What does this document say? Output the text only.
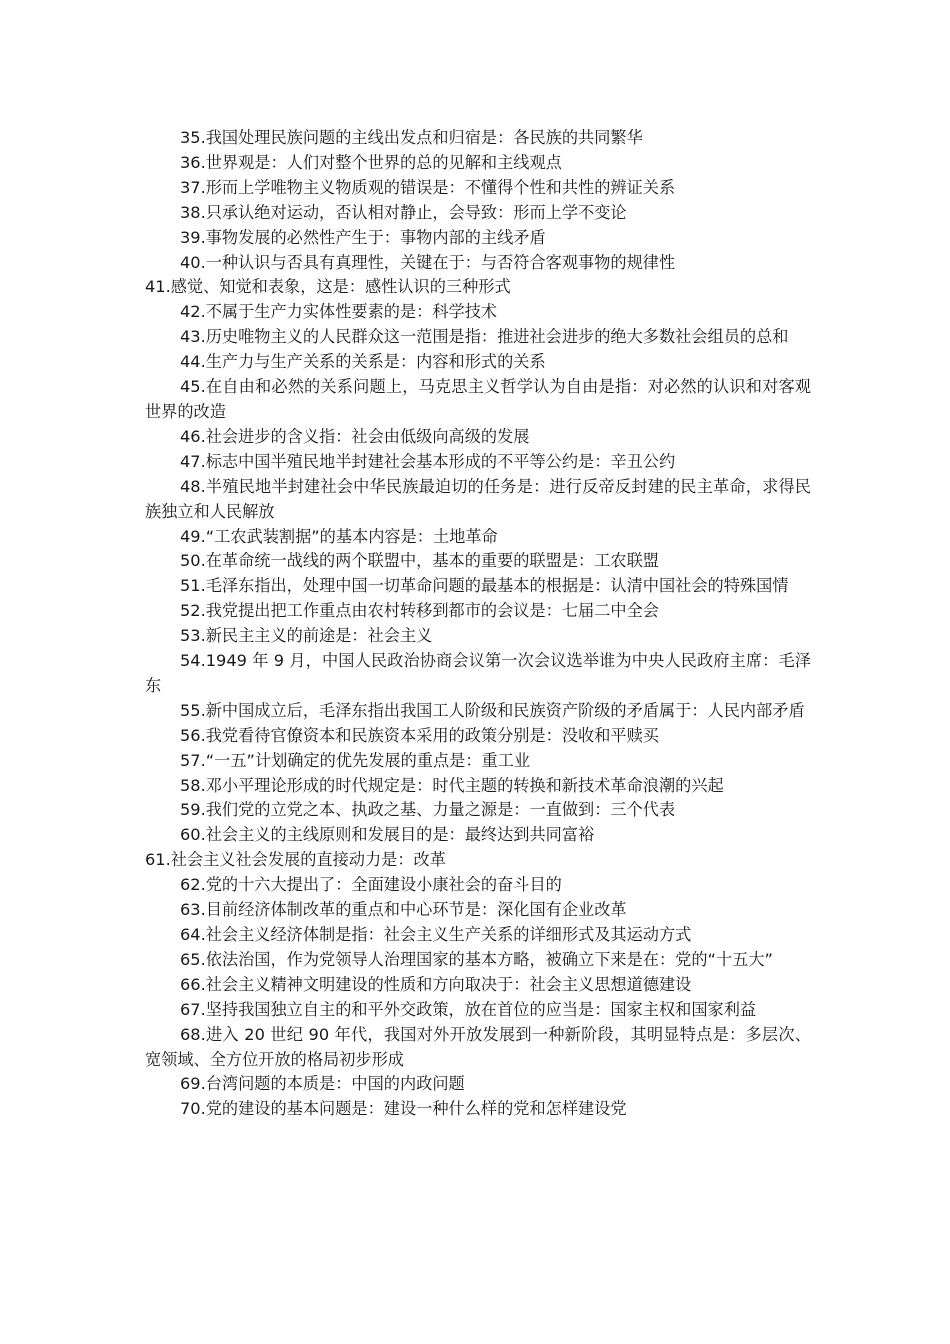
35.我国处理民族问题的主线出发点和归宿是：各民族的共同繁华

36.世界观是：人们对整个世界的总的见解和主线观点

37.形而上学唯物主义物质观的错误是：不懂得个性和共性的辨证关系

38.只承认绝对运动，否认相对静止，会导致：形而上学不变论

39.事物发展的必然性产生于：事物内部的主线矛盾

40.一种认识与否具有真理性，关键在于：与否符合客观事物的规律性

41.感觉、知觉和表象，这是：感性认识的三种形式

42.不属于生产力实体性要素的是：科学技术

43.历史唯物主义的人民群众这一范围是指：推进社会进步的绝大多数社会组员的总和

44.生产力与生产关系的关系是：内容和形式的关系

45.在自由和必然的关系问题上，马克思主义哲学认为自由是指：对必然的认识和对客观世界的改造

46.社会进步的含义指：社会由低级向高级的发展

47.标志中国半殖民地半封建社会基本形成的不平等公约是：辛丑公约

48.半殖民地半封建社会中华民族最迫切的任务是：进行反帝反封建的民主革命，求得民族独立和人民解放

49.“工农武装割据”的基本内容是：土地革命

50.在革命统一战线的两个联盟中，基本的重要的联盟是：工农联盟

51.毛泽东指出，处理中国一切革命问题的最基本的根据是：认清中国社会的特殊国情

52.我党提出把工作重点由农村转移到都市的会议是：七届二中全会

53.新民主主义的前途是：社会主义

54.1949 年 9 月，中国人民政治协商会议第一次会议选举谁为中央人民政府主席：毛泽东

55.新中国成立后，毛泽东指出我国工人阶级和民族资产阶级的矛盾属于：人民内部矛盾

56.我党看待官僚资本和民族资本采用的政策分别是：没收和平赎买

57.“一五”计划确定的优先发展的重点是：重工业

58.邓小平理论形成的时代规定是：时代主题的转换和新技术革命浪潮的兴起

59.我们党的立党之本、执政之基、力量之源是：一直做到：三个代表

60.社会主义的主线原则和发展目的是：最终达到共同富裕

61.社会主义社会发展的直接动力是：改革

62.党的十六大提出了：全面建设小康社会的奋斗目的

63.目前经济体制改革的重点和中心环节是：深化国有企业改革

64.社会主义经济体制是指：社会主义生产关系的详细形式及其运动方式

65.依法治国，作为党领导人治理国家的基本方略，被确立下来是在：党的“十五大”

66.社会主义精神文明建设的性质和方向取决于：社会主义思想道德建设

67.坚持我国独立自主的和平外交政策，放在首位的应当是：国家主权和国家利益

68.进入 20 世纪 90 年代，我国对外开放发展到一种新阶段，其明显特点是：多层次、宽领域、全方位开放的格局初步形成

69.台湾问题的本质是：中国的内政问题

70.党的建设的基本问题是：建设一种什么样的党和怎样建设党
